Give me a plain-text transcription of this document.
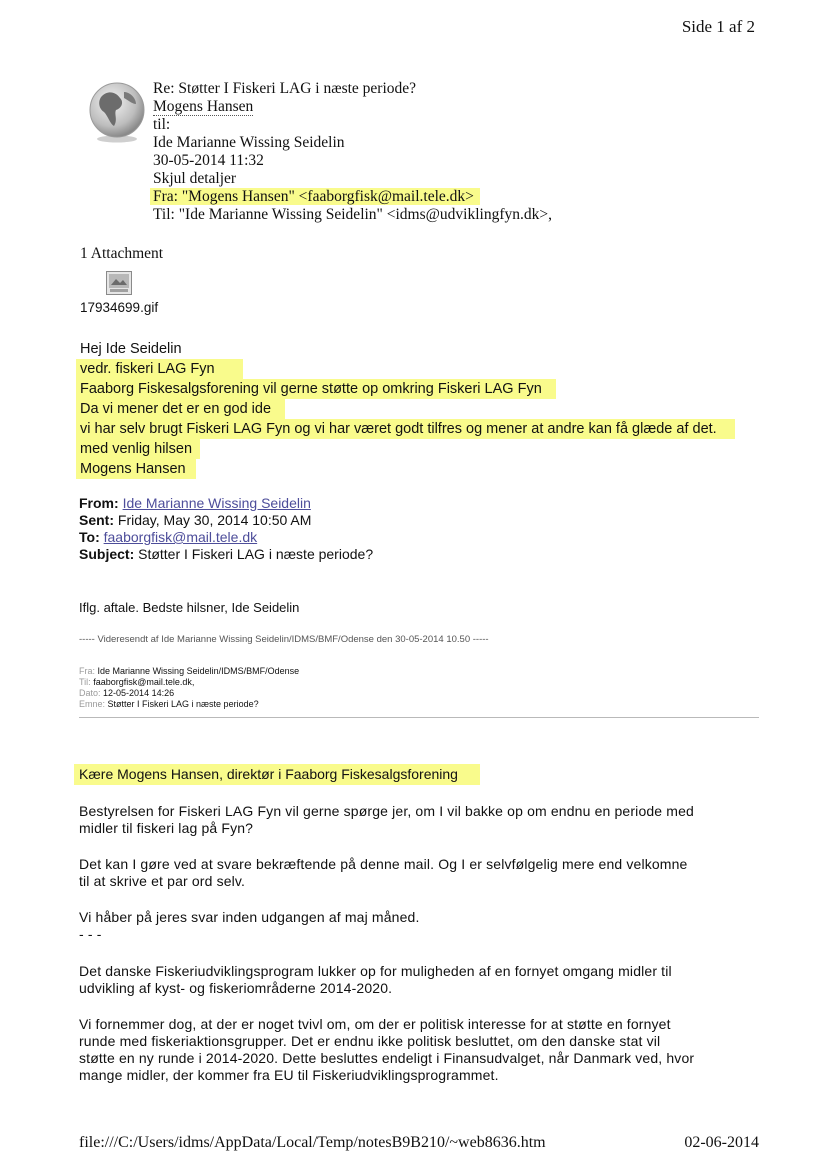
Side 1 af 2
Re: Støtter I Fiskeri LAG i næste periode?
Mogens Hansen
til:
Ide Marianne Wissing Seidelin
30-05-2014 11:32
Skjul detaljer
Fra: "Mogens Hansen" <faaborgfisk@mail.tele.dk>
Til: "Ide Marianne Wissing Seidelin" <idms@udviklingfyn.dk>,
1 Attachment
17934699.gif
Hej Ide Seidelin
vedr. fiskeri LAG Fyn
Faaborg Fiskesalgsforening vil gerne støtte op omkring Fiskeri LAG Fyn
Da vi mener det er en god ide
vi har selv brugt Fiskeri LAG Fyn og vi har været godt tilfres og mener at andre kan få glæde af det.
med venlig hilsen
Mogens Hansen
From: Ide Marianne Wissing Seidelin
Sent: Friday, May 30, 2014 10:50 AM
To: faaborgfisk@mail.tele.dk
Subject: Støtter I Fiskeri LAG i næste periode?
Iflg. aftale. Bedste hilsner, Ide Seidelin
----- Videresendt af Ide Marianne Wissing Seidelin/IDMS/BMF/Odense den 30-05-2014 10.50 -----
Fra: Ide Marianne Wissing Seidelin/IDMS/BMF/Odense
Til: faaborgfisk@mail.tele.dk,
Dato: 12-05-2014 14:26
Emne: Støtter I Fiskeri LAG i næste periode?
Kære Mogens Hansen, direktør i Faaborg Fiskesalgsforening
Bestyrelsen for Fiskeri LAG Fyn vil gerne spørge jer, om I vil bakke op om endnu en periode med
midler til fiskeri lag på Fyn?
Det kan I gøre ved at svare bekræftende på denne mail. Og I er selvfølgelig mere end velkomne
til at skrive et par ord selv.
Vi håber på jeres svar inden udgangen af maj måned.
- - -
Det danske Fiskeriudviklingsprogram lukker op for muligheden af en fornyet omgang midler til
udvikling af kyst- og fiskeriområderne 2014-2020.
Vi fornemmer dog, at der er noget tvivl om, om der er politisk interesse for at støtte en fornyet
runde med fiskeriaktionsgrupper. Det er endnu ikke politisk besluttet, om den danske stat vil
støtte en ny runde i 2014-2020. Dette besluttes endeligt i Finansudvalget, når Danmark ved, hvor
mange midler, der kommer fra EU til Fiskeriudviklingsprogrammet.
file:///C:/Users/idms/AppData/Local/Temp/notesB9B210/~web8636.htm	02-06-2014
